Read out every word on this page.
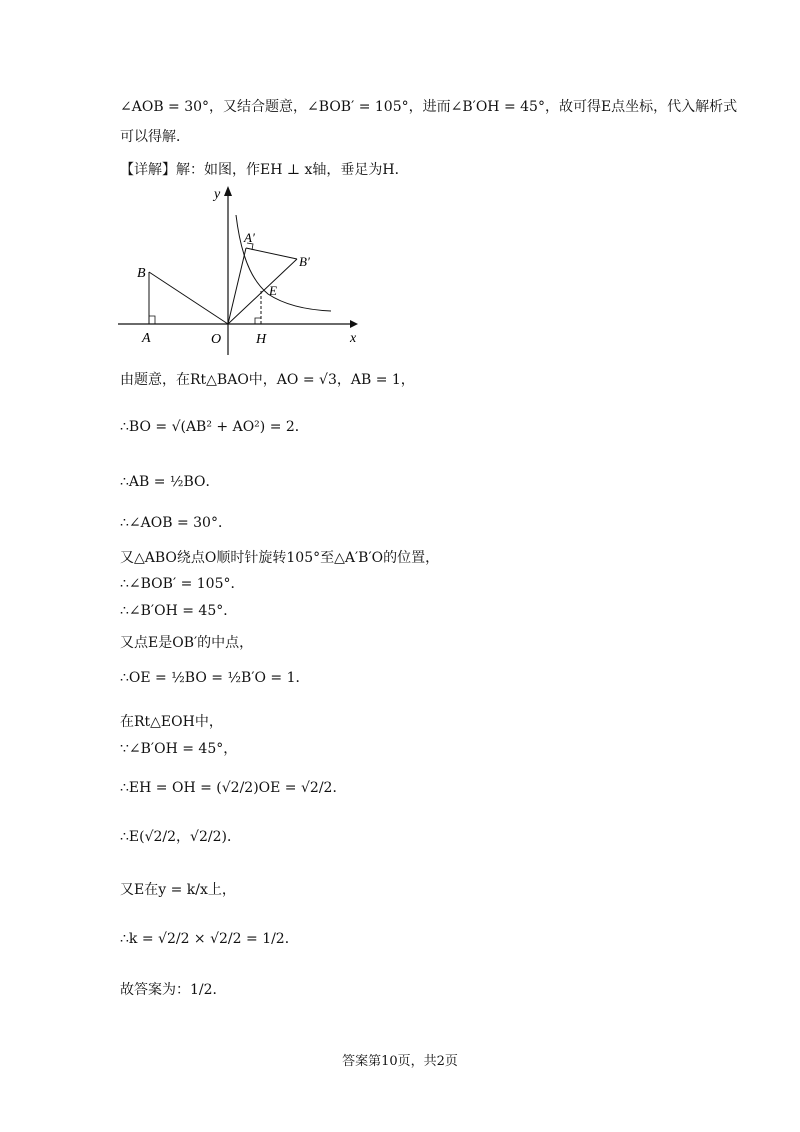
∠AOB = 30°，又结合题意，∠BOB′ = 105°，进而∠B′OH = 45°，故可得E点坐标，代入解析式
可以得解．
【详解】解：如图，作EH ⊥ x轴，垂足为H．
y
x
O
A
B
A′
B′
E
H
由题意，在Rt△BAO中，AO = √3，AB = 1，
∴BO = √(AB² + AO²) = 2．
∴AB = ½BO．
∴∠AOB = 30°．
又△ABO绕点O顺时针旋转105°至△A′B′O的位置，
∴∠BOB′ = 105°．
∴∠B′OH = 45°．
又点E是OB′的中点，
∴OE = ½BO = ½B′O = 1．
在Rt△EOH中，
∵∠B′OH = 45°，
∴EH = OH = (√2/2)OE = √2/2．
∴E(√2/2，√2/2)．
又E在y = k/x上，
∴k = √2/2 × √2/2 = 1/2．
故答案为：1/2．
答案第10页，共2页
